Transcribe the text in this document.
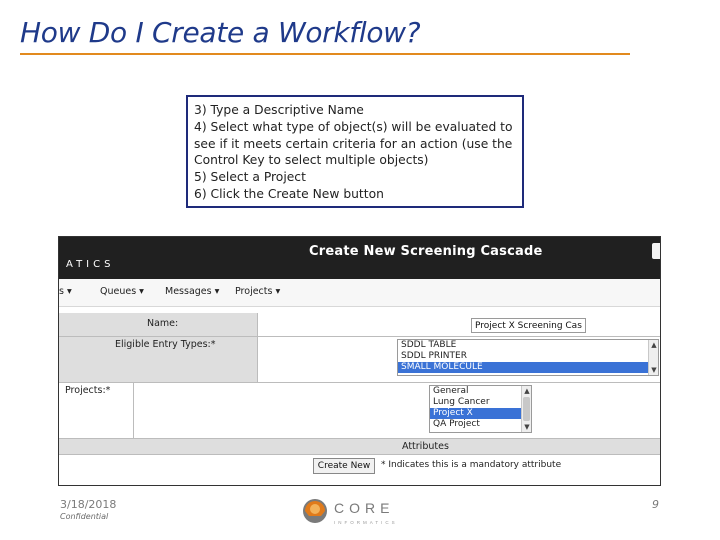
How Do I Create a Workflow?
3) Type a Descriptive Name
4) Select what type of object(s) will be evaluated to
see if it meets certain criteria for an action (use the
Control Key to select multiple objects)
5) Select a Project
6) Click the Create New button
Create New Screening Cascade
ATICS
s ▾	Queues ▾ Messages ▾ Projects ▾
Name:
Project X Screening Cast
Eligible Entry Types:*	SDDL TABLE
SDDL PRINTER
SMALL MOLECULE
▲
▼
Projects:*	General
Lung Cancer
Project X
QA Project
▲
▼
Attributes
Create New	* Indicates this is a mandatory attribute
3/18/2018
Confidential
CORE
INFORMATICS
9
